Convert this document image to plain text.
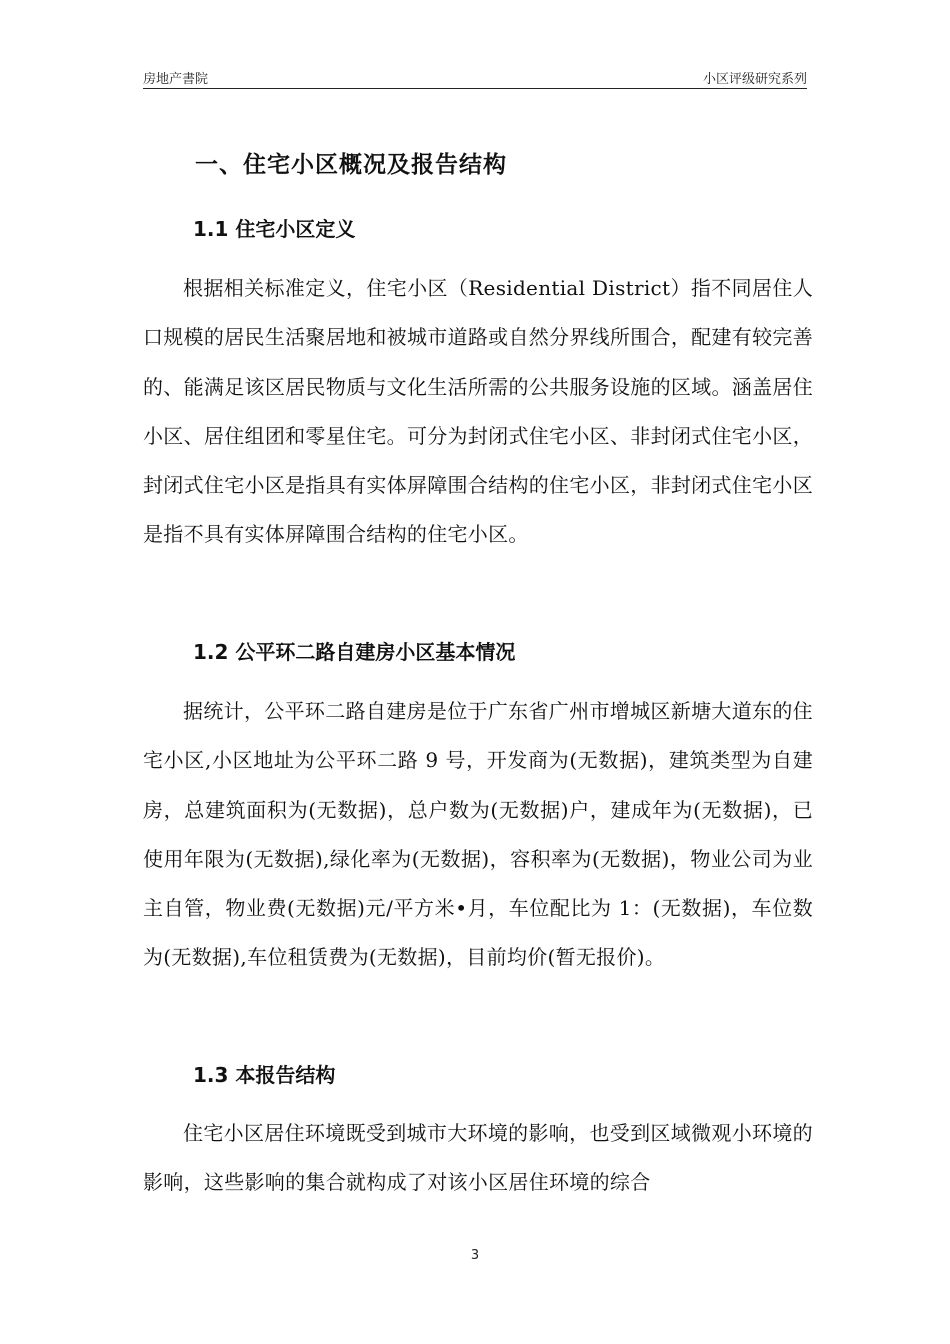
房地产書院	小区评级研究系列
一、住宅小区概况及报告结构
1.1 住宅小区定义
根据相关标准定义，住宅小区（Residential District）指不同居住人口规模的居民生活聚居地和被城市道路或自然分界线所围合，配建有较完善的、能满足该区居民物质与文化生活所需的公共服务设施的区域。涵盖居住小区、居住组团和零星住宅。可分为封闭式住宅小区、非封闭式住宅小区，封闭式住宅小区是指具有实体屏障围合结构的住宅小区，非封闭式住宅小区是指不具有实体屏障围合结构的住宅小区。
1.2 公平环二路自建房小区基本情况
据统计，公平环二路自建房是位于广东省广州市增城区新塘大道东的住宅小区,小区地址为公平环二路 9 号，开发商为(无数据)，建筑类型为自建房，总建筑面积为(无数据)，总户数为(无数据)户，建成年为(无数据)，已使用年限为(无数据),绿化率为(无数据)，容积率为(无数据)，物业公司为业主自管，物业费(无数据)元/平方米•月，车位配比为 1：(无数据)，车位数为(无数据),车位租赁费为(无数据)，目前均价(暂无报价)。
1.3 本报告结构
住宅小区居住环境既受到城市大环境的影响，也受到区域微观小环境的影响，这些影响的集合就构成了对该小区居住环境的综合
3
